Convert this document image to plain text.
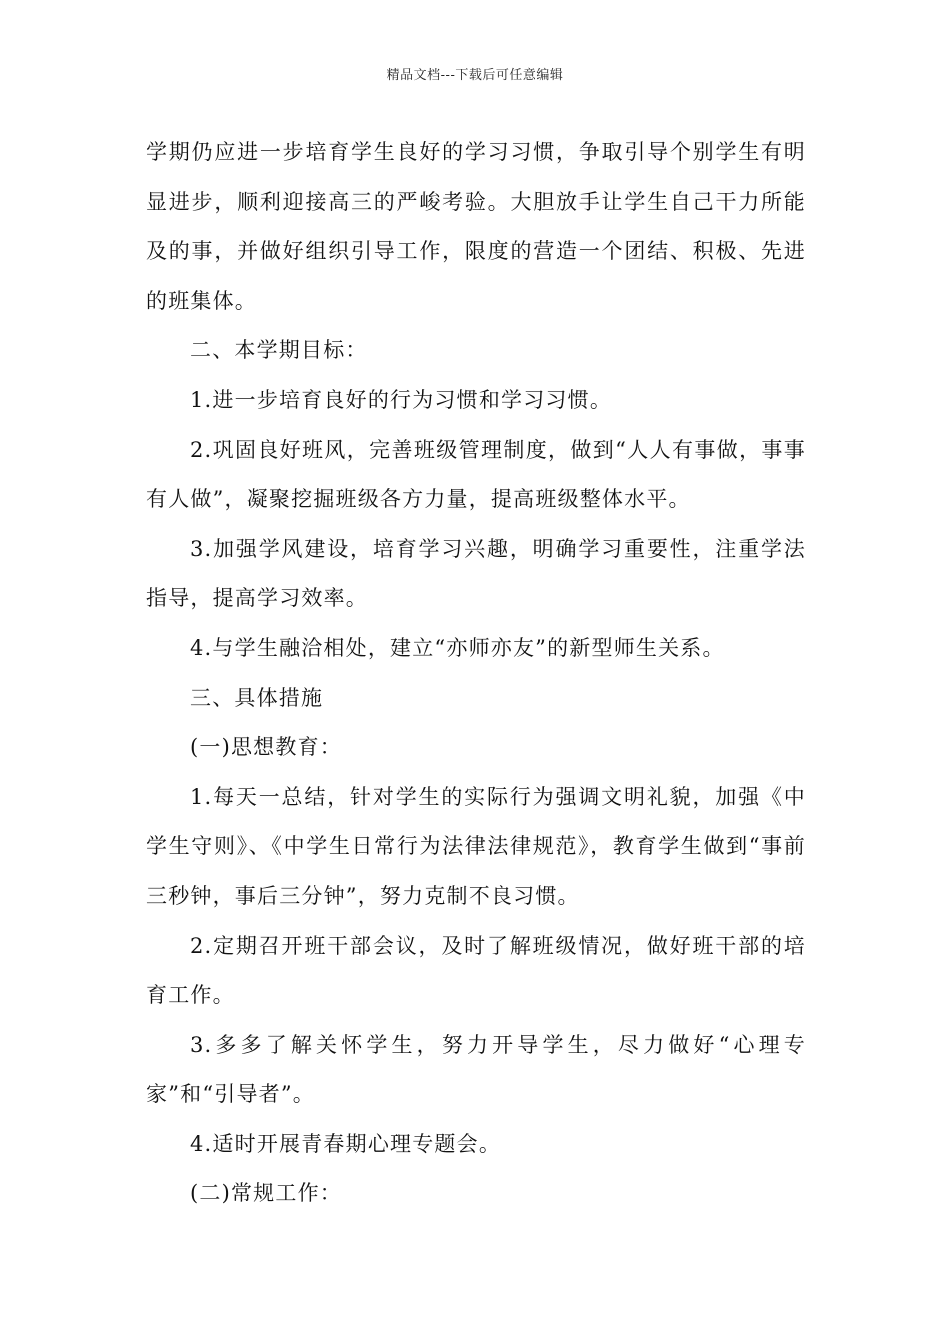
精品文档---下载后可任意编辑

学期仍应进一步培育学生良好的学习习惯，争取引导个别学生有明显进步，顺利迎接高三的严峻考验。大胆放手让学生自己干力所能及的事，并做好组织引导工作，限度的营造一个团结、积极、先进的班集体。

二、本学期目标：

1.进一步培育良好的行为习惯和学习习惯。

2.巩固良好班风，完善班级管理制度，做到“人人有事做，事事有人做”，凝聚挖掘班级各方力量，提高班级整体水平。

3.加强学风建设，培育学习兴趣，明确学习重要性，注重学法指导，提高学习效率。

4.与学生融洽相处，建立“亦师亦友”的新型师生关系。

三、具体措施

(一)思想教育：

1.每天一总结，针对学生的实际行为强调文明礼貌，加强《中学生守则》、《中学生日常行为法律法律规范》，教育学生做到“事前三秒钟，事后三分钟”，努力克制不良习惯。

2.定期召开班干部会议，及时了解班级情况，做好班干部的培育工作。

3.多多了解关怀学生，努力开导学生，尽力做好“心理专家”和“引导者”。

4.适时开展青春期心理专题会。

(二)常规工作：
